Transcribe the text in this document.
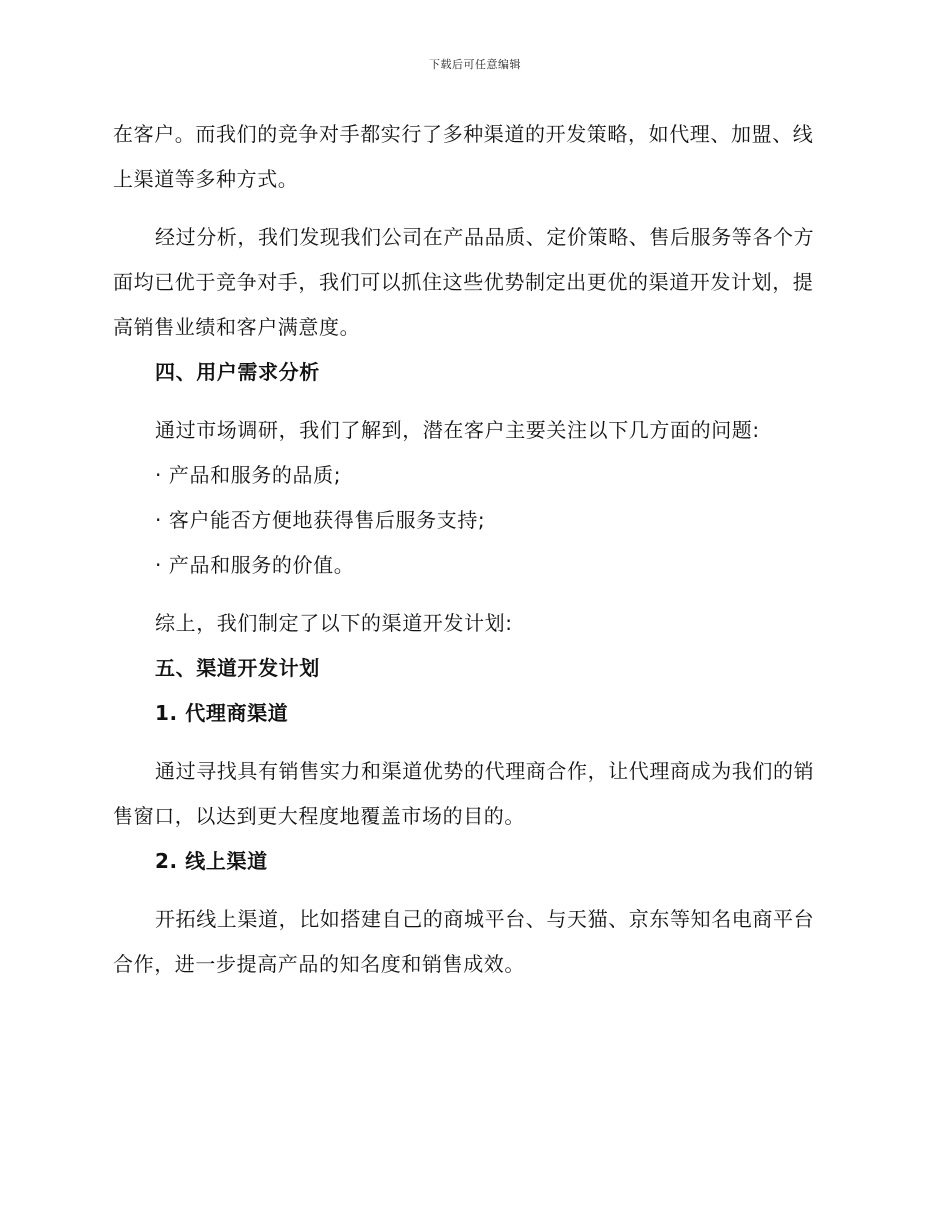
下载后可任意编辑

在客户。而我们的竞争对手都实行了多种渠道的开发策略，如代理、加盟、线上渠道等多种方式。

经过分析，我们发现我们公司在产品品质、定价策略、售后服务等各个方面均已优于竞争对手，我们可以抓住这些优势制定出更优的渠道开发计划，提高销售业绩和客户满意度。

四、用户需求分析

通过市场调研，我们了解到，潜在客户主要关注以下几方面的问题:

· 产品和服务的品质;

· 客户能否方便地获得售后服务支持;

· 产品和服务的价值。

综上，我们制定了以下的渠道开发计划:

五、渠道开发计划

1. 代理商渠道

通过寻找具有销售实力和渠道优势的代理商合作，让代理商成为我们的销售窗口，以达到更大程度地覆盖市场的目的。

2. 线上渠道

开拓线上渠道，比如搭建自己的商城平台、与天猫、京东等知名电商平台合作，进一步提高产品的知名度和销售成效。
